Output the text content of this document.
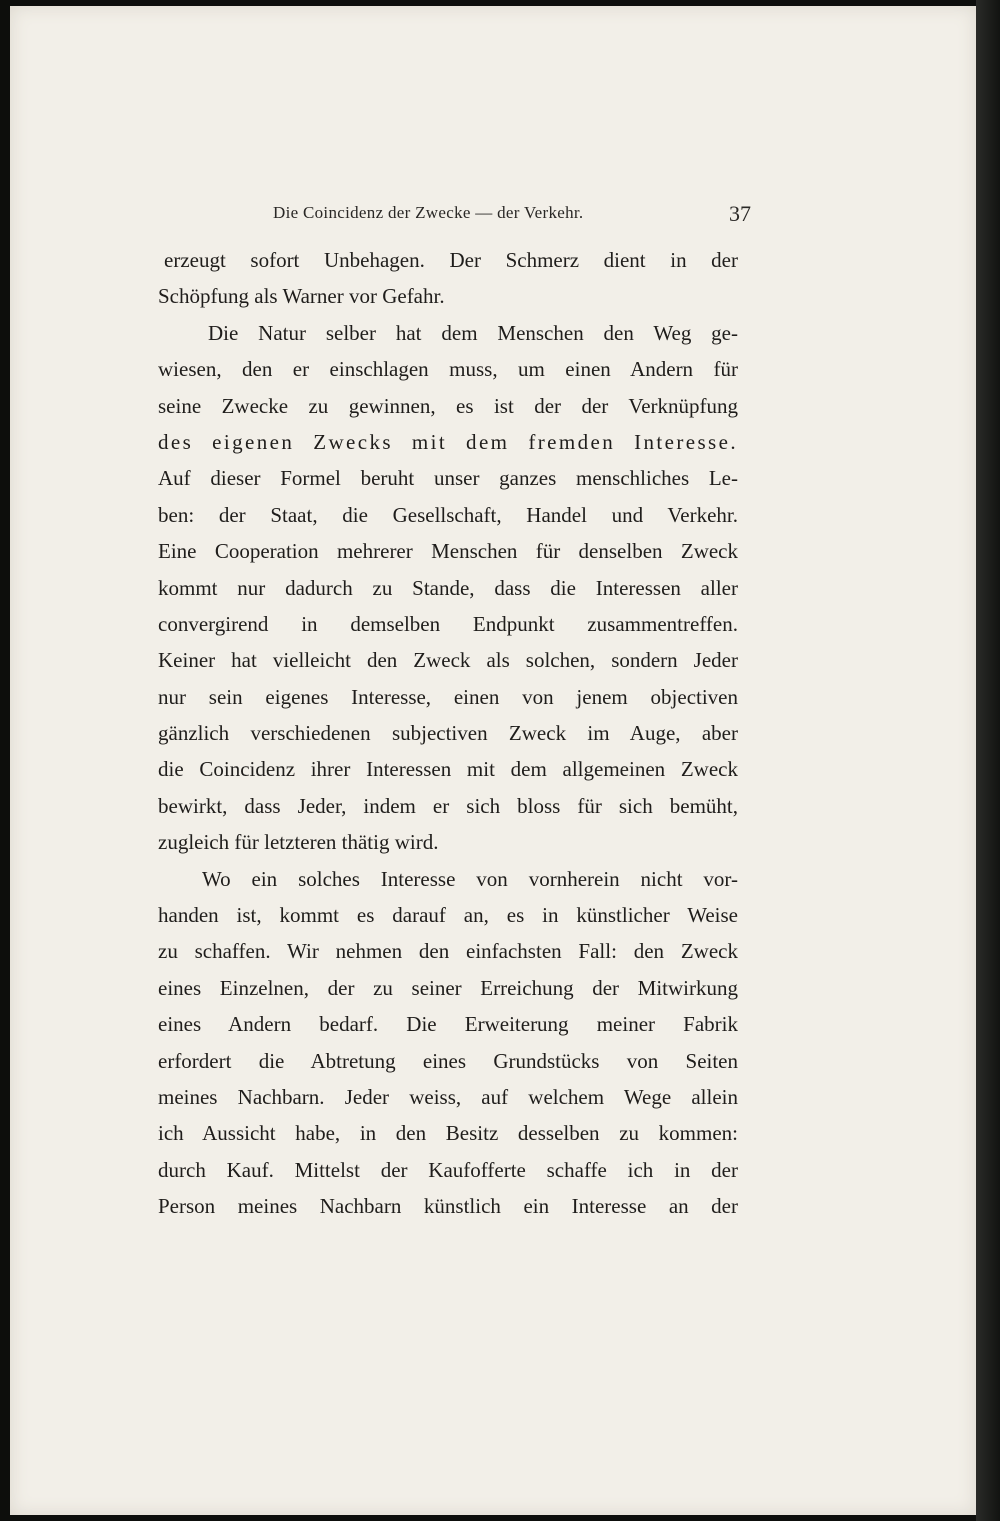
Die Coincidenz der Zwecke — der Verkehr.	37
erzeugt sofort Unbehagen. Der Schmerz dient in der
Schöpfung als Warner vor Gefahr.
Die Natur selber hat dem Menschen den Weg ge-
wiesen, den er einschlagen muss, um einen Andern für
seine Zwecke zu gewinnen, es ist der der Verknüpfung
des eigenen Zwecks mit dem fremden Interesse.
Auf dieser Formel beruht unser ganzes menschliches Le-
ben: der Staat, die Gesellschaft, Handel und Verkehr.
Eine Cooperation mehrerer Menschen für denselben Zweck
kommt nur dadurch zu Stande, dass die Interessen aller
convergirend in demselben Endpunkt zusammentreffen.
Keiner hat vielleicht den Zweck als solchen, sondern Jeder
nur sein eigenes Interesse, einen von jenem objectiven
gänzlich verschiedenen subjectiven Zweck im Auge, aber
die Coincidenz ihrer Interessen mit dem allgemeinen Zweck
bewirkt, dass Jeder, indem er sich bloss für sich bemüht,
zugleich für letzteren thätig wird.
Wo ein solches Interesse von vornherein nicht vor-
handen ist, kommt es darauf an, es in künstlicher Weise
zu schaffen. Wir nehmen den einfachsten Fall: den Zweck
eines Einzelnen, der zu seiner Erreichung der Mitwirkung
eines Andern bedarf. Die Erweiterung meiner Fabrik
erfordert die Abtretung eines Grundstücks von Seiten
meines Nachbarn. Jeder weiss, auf welchem Wege allein
ich Aussicht habe, in den Besitz desselben zu kommen:
durch Kauf. Mittelst der Kaufofferte schaffe ich in der
Person meines Nachbarn künstlich ein Interesse an der
